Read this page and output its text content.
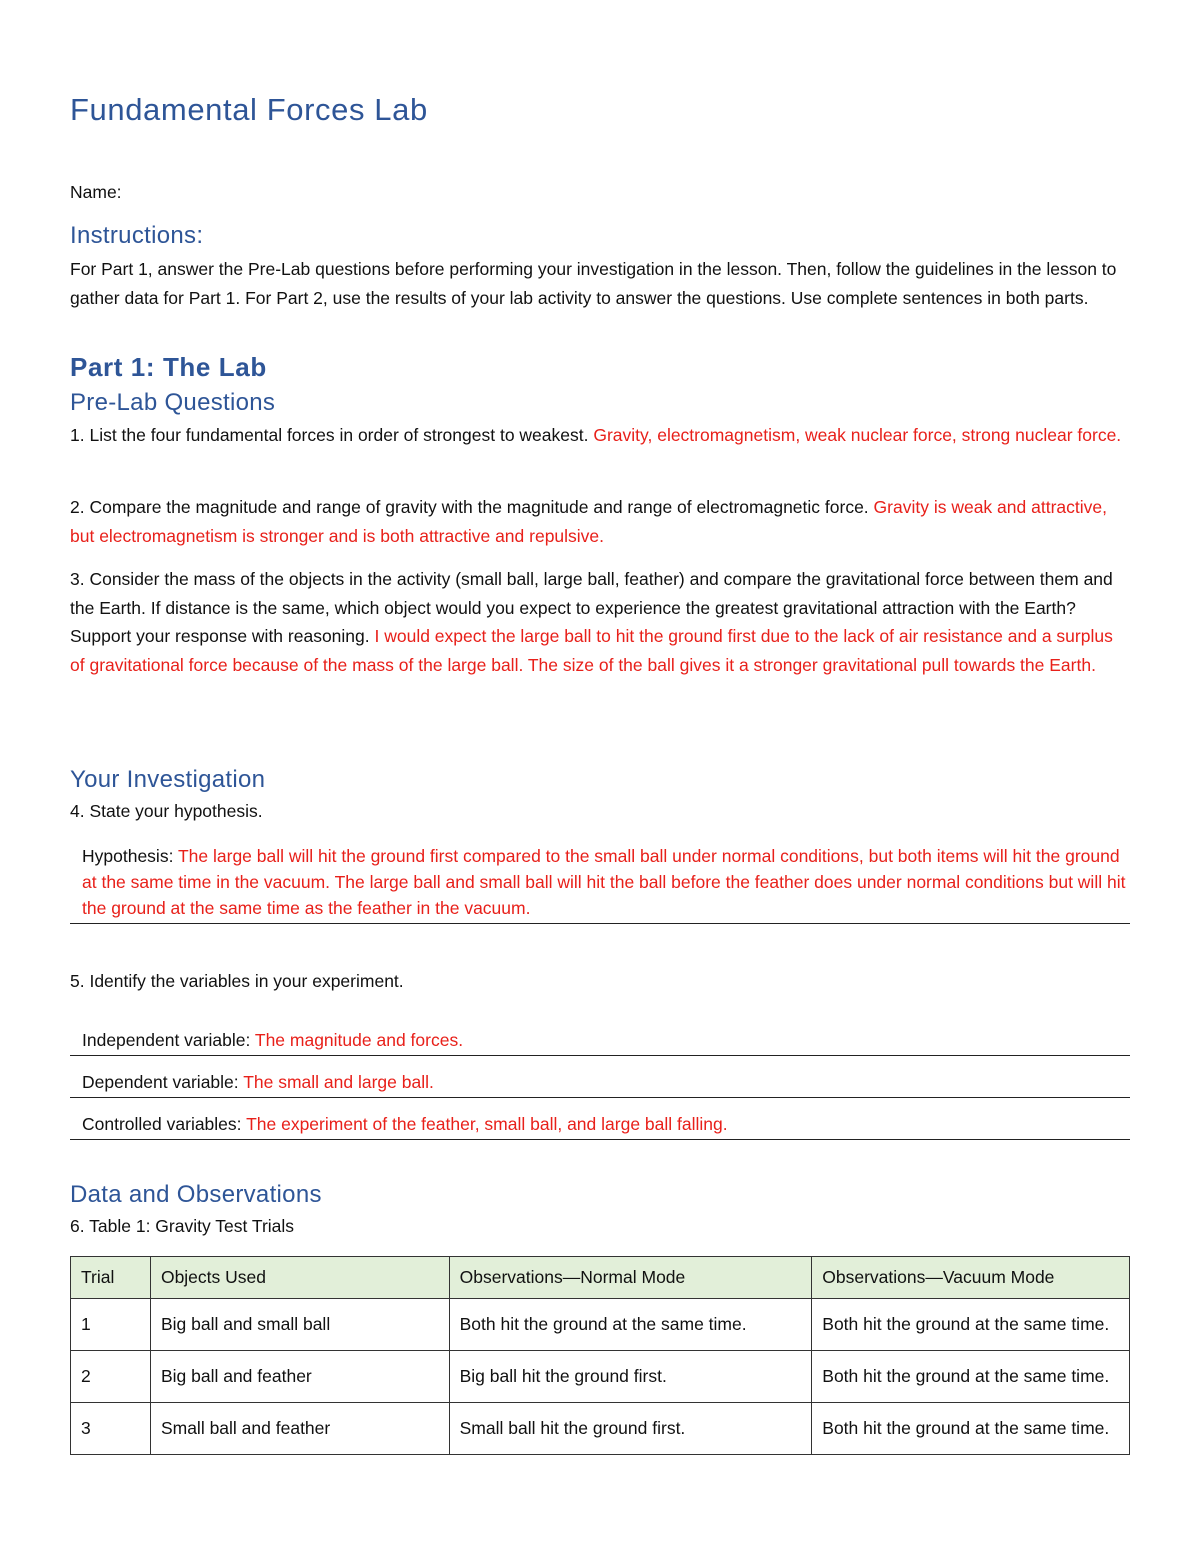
Fundamental Forces Lab
Name:
Instructions:
For Part 1, answer the Pre-Lab questions before performing your investigation in the lesson. Then, follow the guidelines in the lesson to gather data for Part 1. For Part 2, use the results of your lab activity to answer the questions. Use complete sentences in both parts.
Part 1: The Lab
Pre-Lab Questions
1. List the four fundamental forces in order of strongest to weakest. Gravity, electromagnetism, weak nuclear force, strong nuclear force.
2. Compare the magnitude and range of gravity with the magnitude and range of electromagnetic force. Gravity is weak and attractive, but electromagnetism is stronger and is both attractive and repulsive.
3. Consider the mass of the objects in the activity (small ball, large ball, feather) and compare the gravitational force between them and the Earth. If distance is the same, which object would you expect to experience the greatest gravitational attraction with the Earth? Support your response with reasoning. I would expect the large ball to hit the ground first due to the lack of air resistance and a surplus of gravitational force because of the mass of the large ball. The size of the ball gives it a stronger gravitational pull towards the Earth.
Your Investigation
4. State your hypothesis.
Hypothesis: The large ball will hit the ground first compared to the small ball under normal conditions, but both items will hit the ground at the same time in the vacuum. The large ball and small ball will hit the ball before the feather does under normal conditions but will hit the ground at the same time as the feather in the vacuum.
5. Identify the variables in your experiment.
Independent variable: The magnitude and forces.
Dependent variable: The small and large ball.
Controlled variables: The experiment of the feather, small ball, and large ball falling.
Data and Observations
6. Table 1: Gravity Test Trials
Trial	Objects Used	Observations—Normal Mode	Observations—Vacuum Mode
1	Big ball and small ball	Both hit the ground at the same time.	Both hit the ground at the same time.
2	Big ball and feather	Big ball hit the ground first.	Both hit the ground at the same time.
3	Small ball and feather	Small ball hit the ground first.	Both hit the ground at the same time.
